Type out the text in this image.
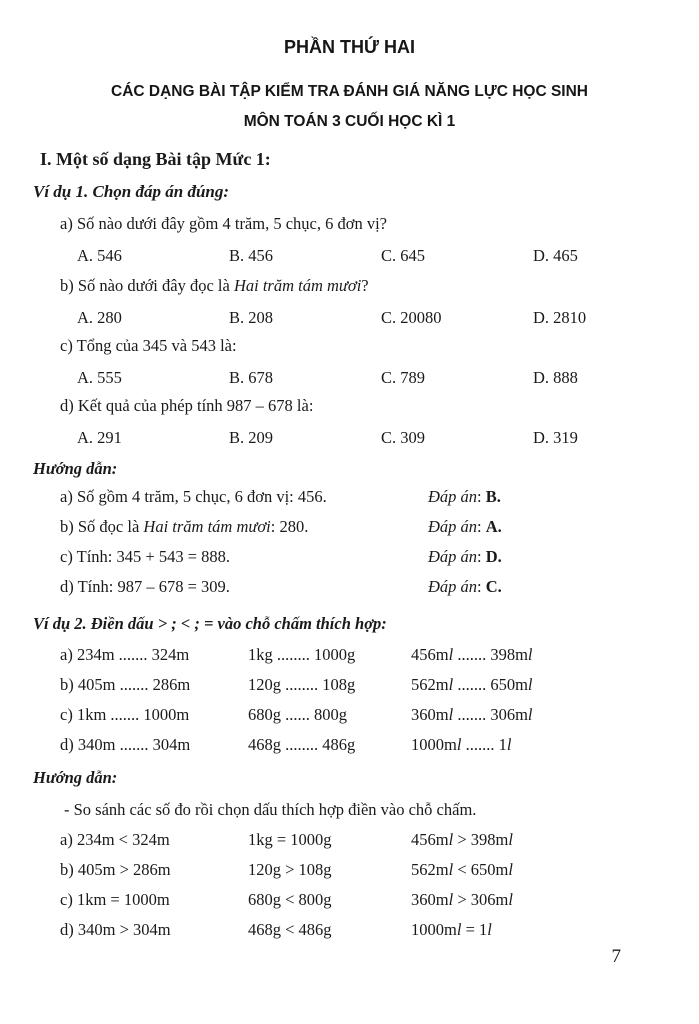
PHẦN THỨ HAI
CÁC DẠNG BÀI TẬP KIỂM TRA ĐÁNH GIÁ NĂNG LỰC HỌC SINH
MÔN TOÁN 3 CUỐI HỌC KÌ 1
I. Một số dạng Bài tập Mức 1:
Ví dụ 1. Chọn đáp án đúng:
a) Số nào dưới đây gồm 4 trăm, 5 chục, 6 đơn vị?
A. 546	B. 456	C. 645	D. 465
b) Số nào dưới đây đọc là Hai trăm tám mươi?
A. 280	B. 208	C. 20080	D. 2810
c) Tổng của 345 và 543 là:
A. 555	B. 678	C. 789	D. 888
d) Kết quả của phép tính 987 – 678 là:
A. 291	B. 209	C. 309	D. 319
Hướng dẫn:
a) Số gồm 4 trăm, 5 chục, 6 đơn vị: 456.	Đáp án: B.
b) Số đọc là Hai trăm tám mươi: 280.	Đáp án: A.
c) Tính: 345 + 543 = 888.	Đáp án: D.
d) Tính: 987 – 678 = 309.	Đáp án: C.
Ví dụ 2. Điền dấu > ; < ; = vào chỗ chấm thích hợp:
a) 234m ....... 324m	1kg ........ 1000g	456ml ....... 398ml
b) 405m ....... 286m	120g ........ 108g	562ml ....... 650ml
c) 1km ....... 1000m	680g ...... 800g	360ml ....... 306ml
d) 340m ....... 304m	468g ........ 486g	1000ml ....... 1l
Hướng dẫn:
- So sánh các số đo rồi chọn dấu thích hợp điền vào chỗ chấm.
a) 234m < 324m	1kg = 1000g	456ml > 398ml
b) 405m > 286m	120g > 108g	562ml < 650ml
c) 1km = 1000m	680g < 800g	360ml > 306ml
d) 340m > 304m	468g < 486g	1000ml = 1l
7
